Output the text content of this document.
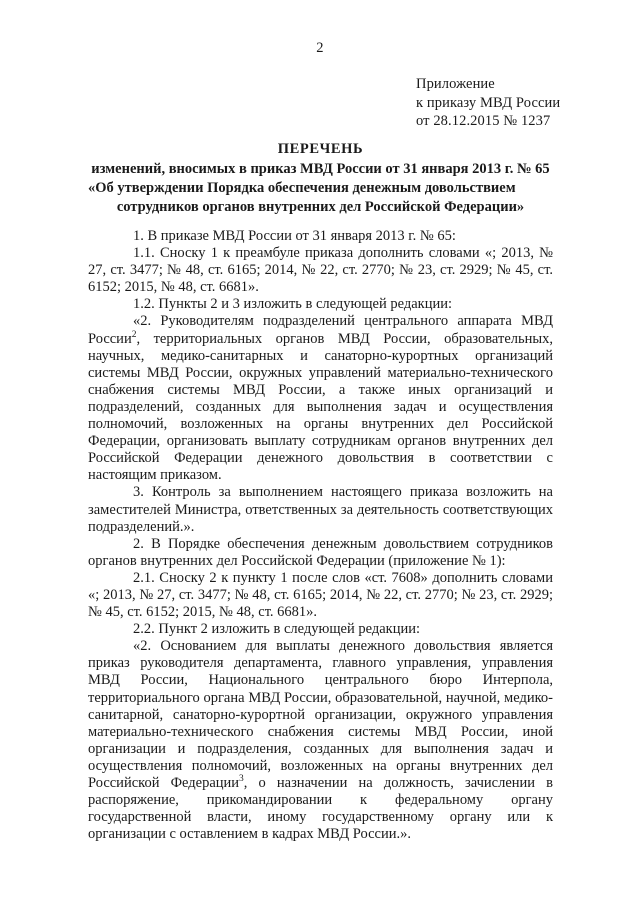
2
Приложение
к приказу МВД России
от 28.12.2015 № 1237
ПЕРЕЧЕНЬ
изменений, вносимых в приказ МВД России от 31 января 2013 г. № 65
«Об утверждении Порядка обеспечения денежным довольствием
сотрудников органов внутренних дел Российской Федерации»

1. В приказе МВД России от 31 января 2013 г. № 65:

1.1. Сноску 1 к преамбуле приказа дополнить словами «; 2013, № 27, ст. 3477; № 48, ст. 6165; 2014, № 22, ст. 2770; № 23, ст. 2929; № 45, ст. 6152; 2015, № 48, ст. 6681».

1.2. Пункты 2 и 3 изложить в следующей редакции:

«2. Руководителям подразделений центрального аппарата МВД России$^2$, территориальных органов МВД России, образовательных, научных, медико-санитарных и санаторно-курортных организаций системы МВД России, окружных управлений материально-технического снабжения системы МВД России, а также иных организаций и подразделений, созданных для выполнения задач и осуществления полномочий, возложенных на органы внутренних дел Российской Федерации, организовать выплату сотрудникам органов внутренних дел Российской Федерации денежного довольствия в соответствии с настоящим приказом.

3. Контроль за выполнением настоящего приказа возложить на заместителей Министра, ответственных за деятельность соответствующих подразделений.».

2. В Порядке обеспечения денежным довольствием сотрудников органов внутренних дел Российской Федерации (приложение № 1):

2.1. Сноску 2 к пункту 1 после слов «ст. 7608» дополнить словами «; 2013, № 27, ст. 3477; № 48, ст. 6165; 2014, № 22, ст. 2770; № 23, ст. 2929; № 45, ст. 6152; 2015, № 48, ст. 6681».

2.2. Пункт 2 изложить в следующей редакции:

«2. Основанием для выплаты денежного довольствия является приказ руководителя департамента, главного управления, управления МВД России, Национального центрального бюро Интерпола, территориального органа МВД России, образовательной, научной, медико-санитарной, санаторно-курортной организации, окружного управления материально-технического снабжения системы МВД России, иной организации и подразделения, созданных для выполнения задач и осуществления полномочий, возложенных на органы внутренних дел Российской Федерации$^3$, о назначении на должность, зачислении в распоряжение, прикомандировании к федеральному органу государственной власти, иному государственному органу или к организации с оставлением в кадрах МВД России.».
